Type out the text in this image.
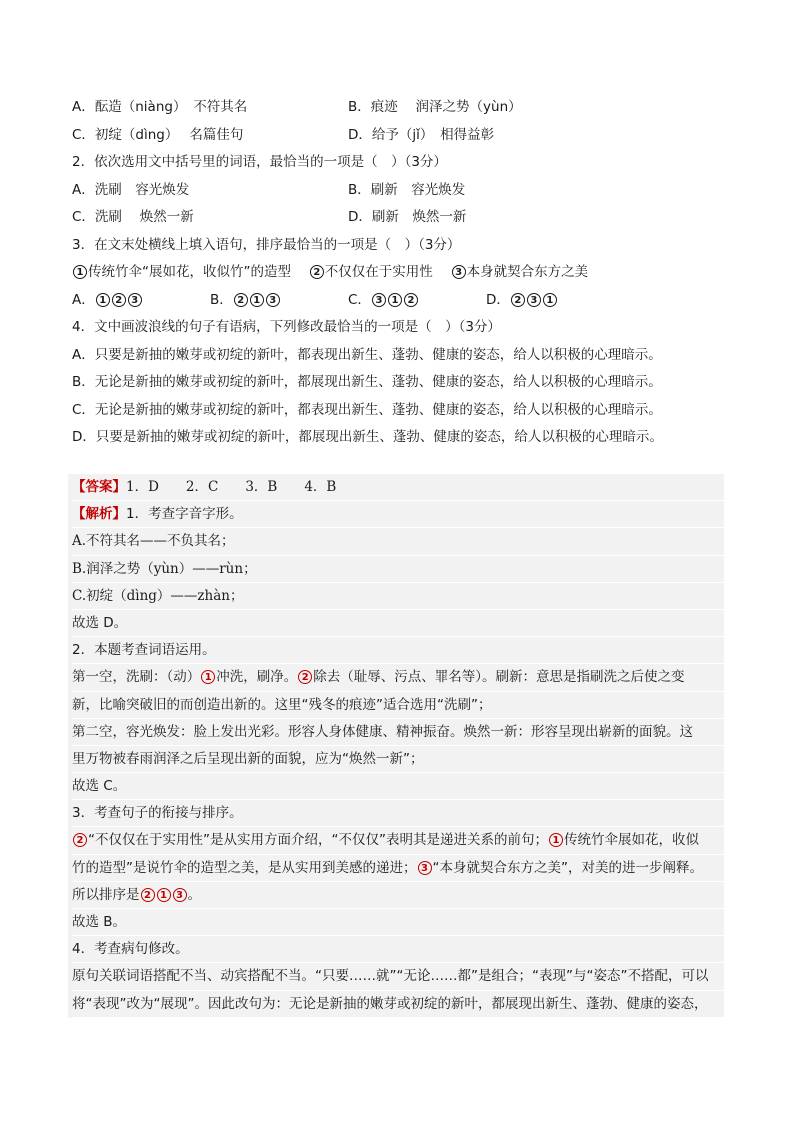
A．酝造（niàng）　不符其名	B．痕迹　 润泽之势（yùn）
C．初绽（dìng）　 名篇佳句	D．给予（jǐ）　相得益彰
2．依次选用文中括号里的词语，最恰当的一项是（　）（3分）
A．洗刷　容光焕发	B．刷新　容光焕发
C．洗刷　 焕然一新	D．刷新　焕然一新
3．在文末处横线上填入语句，排序最恰当的一项是（　）（3分）
1 传统竹伞“展如花，收似竹”的造型　 2 不仅仅在于实用性　 3 本身就契合东方之美
A． 1 2 3	B． 2 1 3	C． 3 1 2	D． 2 3 1
4．文中画波浪线的句子有语病，下列修改最恰当的一项是（　）（3分）
A．只要是新抽的嫩芽或初绽的新叶，都表现出新生、蓬勃、健康的姿态，给人以积极的心理暗示。
B．无论是新抽的嫩芽或初绽的新叶，都展现出新生、蓬勃、健康的姿态，给人以积极的心理暗示。
C．无论是新抽的嫩芽或初绽的新叶，都表现出新生、蓬勃、健康的姿态，给人以积极的心理暗示。
D．只要是新抽的嫩芽或初绽的新叶，都展现出新生、蓬勃、健康的姿态，给人以积极的心理暗示。
【答案】1．D　　2．C　　3．B　　4．B
【解析】1．考查字音字形。
A.不符其名——不负其名；
B.润泽之势（yùn）——rùn；
C.初绽（dìng）——zhàn；
故选 D。
2．本题考查词语运用。
第一空，洗刷：（动） 1 冲洗，刷净。 2 除去（耻辱、污点、罪名等）。刷新：意思是指刷洗之后使之变
新，比喻突破旧的而创造出新的。这里“残冬的痕迹”适合选用“洗刷”；
第二空，容光焕发：脸上发出光彩。形容人身体健康、精神振奋。焕然一新：形容呈现出崭新的面貌。这
里万物被春雨润泽之后呈现出新的面貌，应为“焕然一新”；
故选 C。
3．考查句子的衔接与排序。
2 “不仅仅在于实用性”是从实用方面介绍，“不仅仅”表明其是递进关系的前句； 1 传统竹伞展如花，收似
竹的造型”是说竹伞的造型之美，是从实用到美感的递进； 3 “本身就契合东方之美”，对美的进一步阐释。
所以排序是 2 1 3 。
故选 B。
4．考查病句修改。
原句关联词语搭配不当、动宾搭配不当。“只要……就”“无论……都”是组合；“表现”与“姿态”不搭配，可以
将“表现”改为“展现”。因此改句为：无论是新抽的嫩芽或初绽的新叶，都展现出新生、蓬勃、健康的姿态，
